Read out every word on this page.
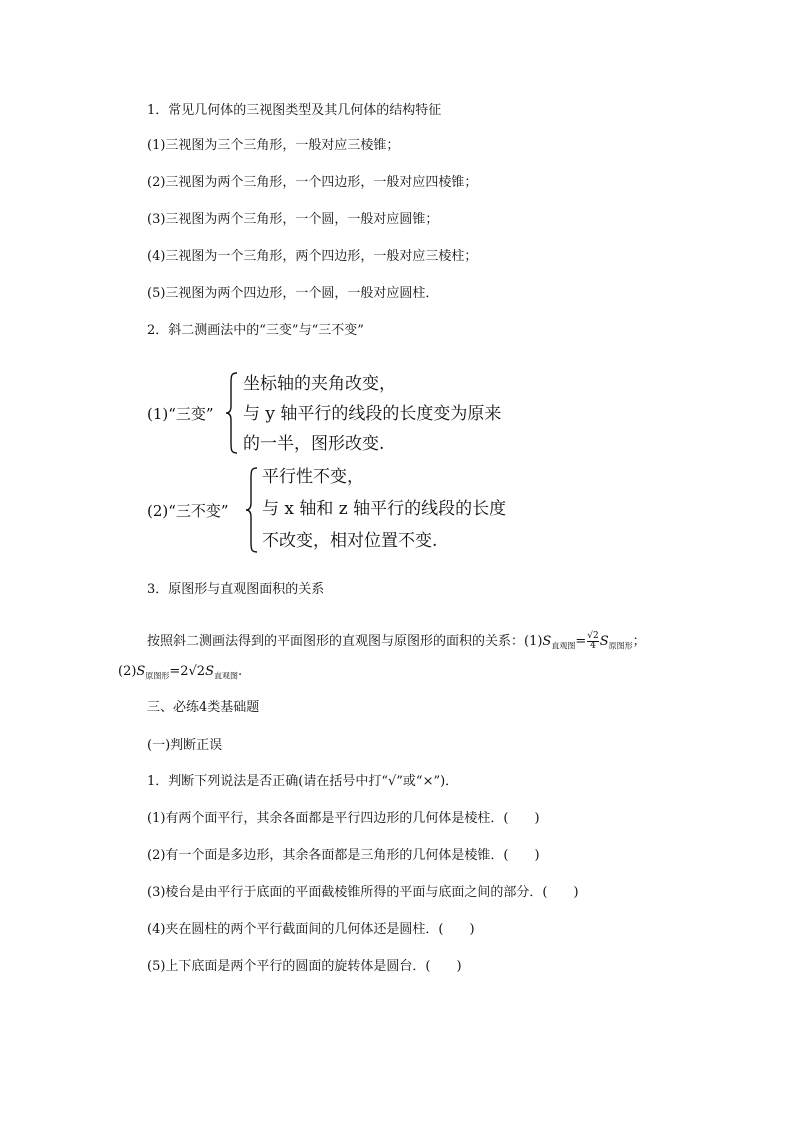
1．常见几何体的三视图类型及其几何体的结构特征
(1)三视图为三个三角形，一般对应三棱锥；
(2)三视图为两个三角形，一个四边形，一般对应四棱锥；
(3)三视图为两个三角形，一个圆，一般对应圆锥；
(4)三视图为一个三角形，两个四边形，一般对应三棱柱；
(5)三视图为两个四边形，一个圆，一般对应圆柱．
2．斜二测画法中的“三变”与“三不变”
(1)“三变”
坐标轴的夹角改变，
与 y 轴平行的线段的长度变为原来
的一半，图形改变.
(2)“三不变”
平行性不变，
与 x 轴和 z 轴平行的线段的长度
不改变，相对位置不变.
3．原图形与直观图面积的关系
按照斜二测画法得到的平面图形的直观图与原图形的面积的关系：$(1)S_{直观图}= \frac{√2}{4} S_{原图形}$；
$(2)S_{原图形}=2√2S_{直观图}$.
三、必练4类基础题
(一)判断正误
1．判断下列说法是否正确(请在括号中打“√”或“×”)．
(1)有两个面平行，其余各面都是平行四边形的几何体是棱柱．(　　)
(2)有一个面是多边形，其余各面都是三角形的几何体是棱锥．(　　)
(3)棱台是由平行于底面的平面截棱锥所得的平面与底面之间的部分．(　　)
(4)夹在圆柱的两个平行截面间的几何体还是圆柱．(　　)
(5)上下底面是两个平行的圆面的旋转体是圆台．(　　)
